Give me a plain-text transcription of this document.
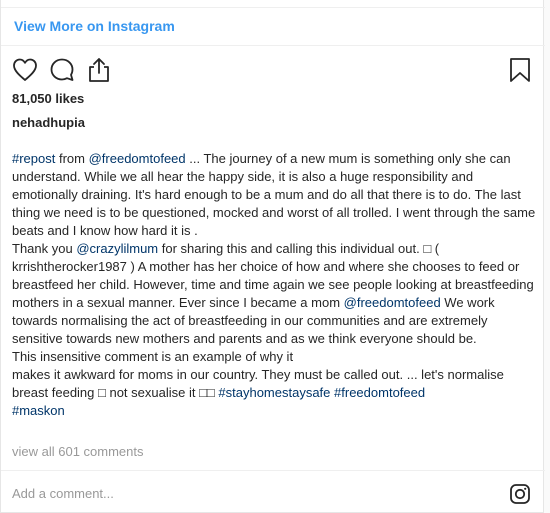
View More on Instagram
81,050 likes
nehadhupia

#repost from @freedomtofeed ... The journey of a new mum is something only she can understand. While we all hear the happy side, it is also a huge responsibility and emotionally draining. It's hard enough to be a mum and do all that there is to do. The last thing we need is to be questioned, mocked and worst of all trolled. I went through the same beats and I know how hard it is .

Thank you @crazylilmum for sharing this and calling this individual out. □ ( krrishtherocker1987 ) A mother has her choice of how and where she chooses to feed or breastfeed her child. However, time and time again we see people looking at breastfeeding mothers in a sexual manner. Ever since I became a mom @freedomtofeed We work towards normalising the act of breastfeeding in our communities and are extremely sensitive towards new mothers and parents and as we think everyone should be.

This insensitive comment is an example of why it
makes it awkward for moms in our country. They must be called out. ... let's normalise breast feeding □ not sexualise it □□ #stayhomestaysafe #freedomtofeed
#maskon

view all 601 comments
Add a comment...
